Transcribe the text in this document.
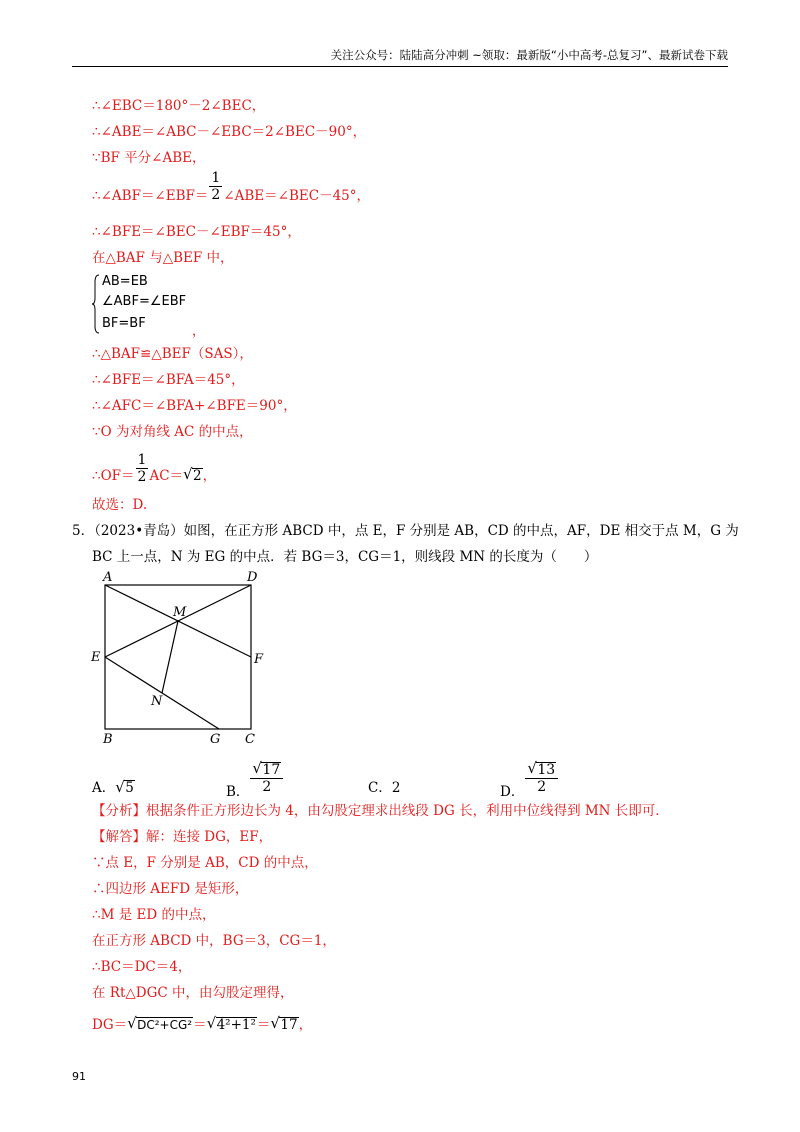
关注公众号：陆陆高分冲刺 ~领取：最新版“小中高考-总复习”、最新试卷下载
∴∠EBC＝180°－2∠BEC，
∴∠ABE＝∠ABC－∠EBC＝2∠BEC－90°，
∵BF 平分∠ABE，
∴∠ABF＝∠EBF＝ $\frac{1}{2}$ ∠ABE＝∠BEC－45°，
∴∠BFE＝∠BEC－∠EBF＝45°，
在△BAF 与△BEF 中，
AB=EB
∠ABF=∠EBF
BF=BF
，
∴△BAF≌△BEF（SAS），
∴∠BFE＝∠BFA＝45°，
∴∠AFC＝∠BFA+∠BFE＝90°，
∵O 为对角线 AC 的中点，
∴OF＝ $\frac{1}{2} AC=√$ 2，
故选：D.
5．（2023•青岛）如图，在正方形 ABCD 中，点 E，F 分别是 AB，CD 的中点，AF，DE 相交于点 M，G 为
BC 上一点，N 为 EG 的中点．若 BG＝3，CG＝1，则线段 MN 的长度为（　　）
A	D
M
E	F
N
B	G C
A．√ 5	B．
√ $\frac{17}{2}$	C．2	D．
√ $\frac{13}{2}$
【分析】根据条件正方形边长为 4，由勾股定理求出线段 DG 长，利用中位线得到 MN 长即可．
【解答】解：连接 DG，EF，
∵点 E，F 分别是 AB，CD 的中点，
∴四边形 AEFD 是矩形，
∴M 是 ED 的中点，
在正方形 ABCD 中，BG＝3，CG＝1，
∴BC＝DC＝4，
在 Rt△DGC 中，由勾股定理得，
DG＝√ DC²+CG²＝√ 4²+1²＝√ 17，
91
